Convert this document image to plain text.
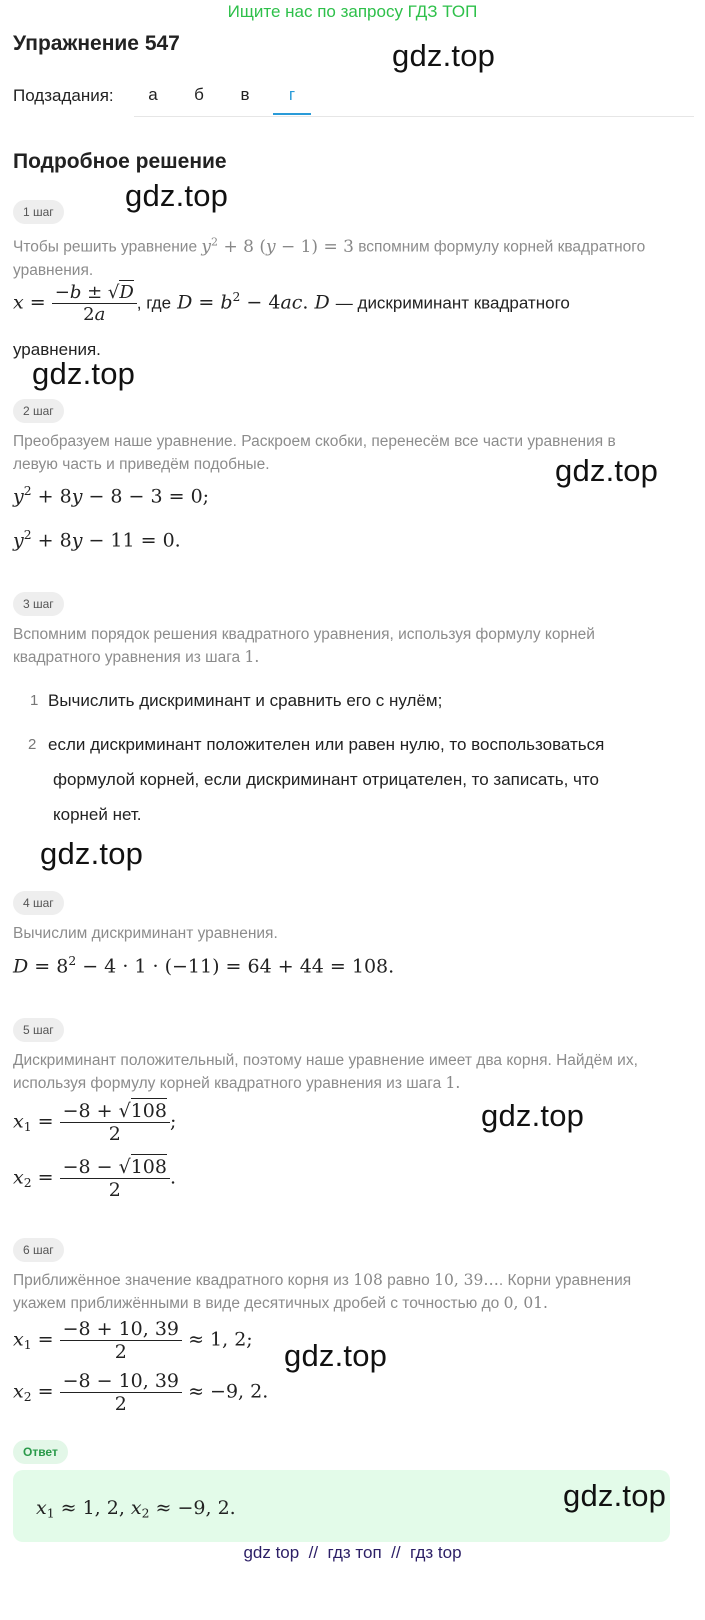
Ищите нас по запросу ГДЗ ТОП
Упражнение 547	gdz.top
Подзадания:	а	б	в	г
Подробное решение
gdz.top
1 шаг
Чтобы решить уравнение $y^2 + 8$ (y − 1) = 3 вспомним формулу корней квадратного уравнения.
$x = \frac{-b \pm √D}{2a}$ , где $D = b^2 - 4ac$. D — дискриминант квадратного
уравнения.
gdz.top
2 шаг
Преобразуем наше уравнение. Раскроем скобки, перенесём все части уравнения в левую часть и приведём подобные.	gdz.top
$y^2 + 8y - 8 - 3 = 0$;
$y^2 + 8y - 11 = 0$.
3 шаг
Вспомним порядок решения квадратного уравнения, используя формулу корней квадратного уравнения из шага 1.
1 Вычислить дискриминант и сравнить его с нулём;
2 если дискриминант положителен или равен нулю, то воспользоваться
формулой корней, если дискриминант отрицателен, то записать, что
корней нет.
gdz.top
4 шаг
Вычислим дискриминант уравнения.
$D = 8^2 - 4 \cdot 1 \cdot (-11) = 64 + 44 = 108$.
5 шаг
Дискриминант положительный, поэтому наше уравнение имеет два корня. Найдём их, используя формулу корней квадратного уравнения из шага 1.
gdz.top
$x_1 = \frac{-8 + √108}{2}$ ;
$x_2 = \frac{-8 - √108}{2}$ .
6 шаг
Приближённое значение квадратного корня из 108 равно 10, 39…. Корни уравнения укажем приближёнными в виде десятичных дробей с точностью до 0, 01.
$x_1 = \frac{-8 + 10, 39}{2} \approx 1$, 2; gdz.top
$x_2 = \frac{-8 - 10, 39}{2} \approx -9$, 2.
Ответ
$x_1 \approx 1$, 2, $x_2 \approx -9$, 2.	gdz.top
gdz top  //  гдз топ  //  гдз top
